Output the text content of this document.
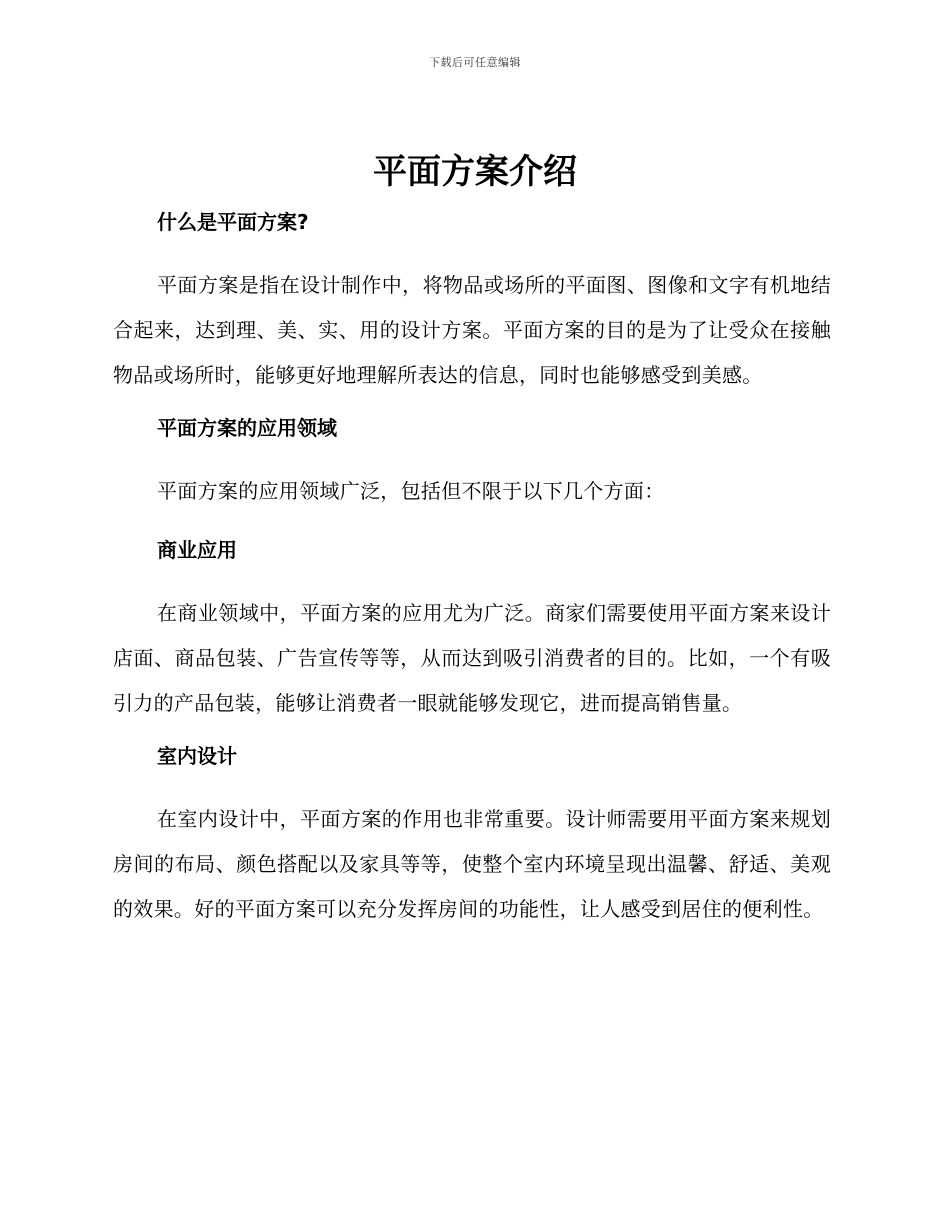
下载后可任意编辑
平面方案介绍
什么是平面方案?

平面方案是指在设计制作中，将物品或场所的平面图、图像和文字有机地结合起来，达到理、美、实、用的设计方案。平面方案的目的是为了让受众在接触物品或场所时，能够更好地理解所表达的信息，同时也能够感受到美感。

平面方案的应用领域

平面方案的应用领域广泛，包括但不限于以下几个方面：

商业应用

在商业领域中，平面方案的应用尤为广泛。商家们需要使用平面方案来设计店面、商品包装、广告宣传等等，从而达到吸引消费者的目的。比如，一个有吸引力的产品包装，能够让消费者一眼就能够发现它，进而提高销售量。

室内设计

在室内设计中，平面方案的作用也非常重要。设计师需要用平面方案来规划房间的布局、颜色搭配以及家具等等，使整个室内环境呈现出温馨、舒适、美观的效果。好的平面方案可以充分发挥房间的功能性，让人感受到居住的便利性。
